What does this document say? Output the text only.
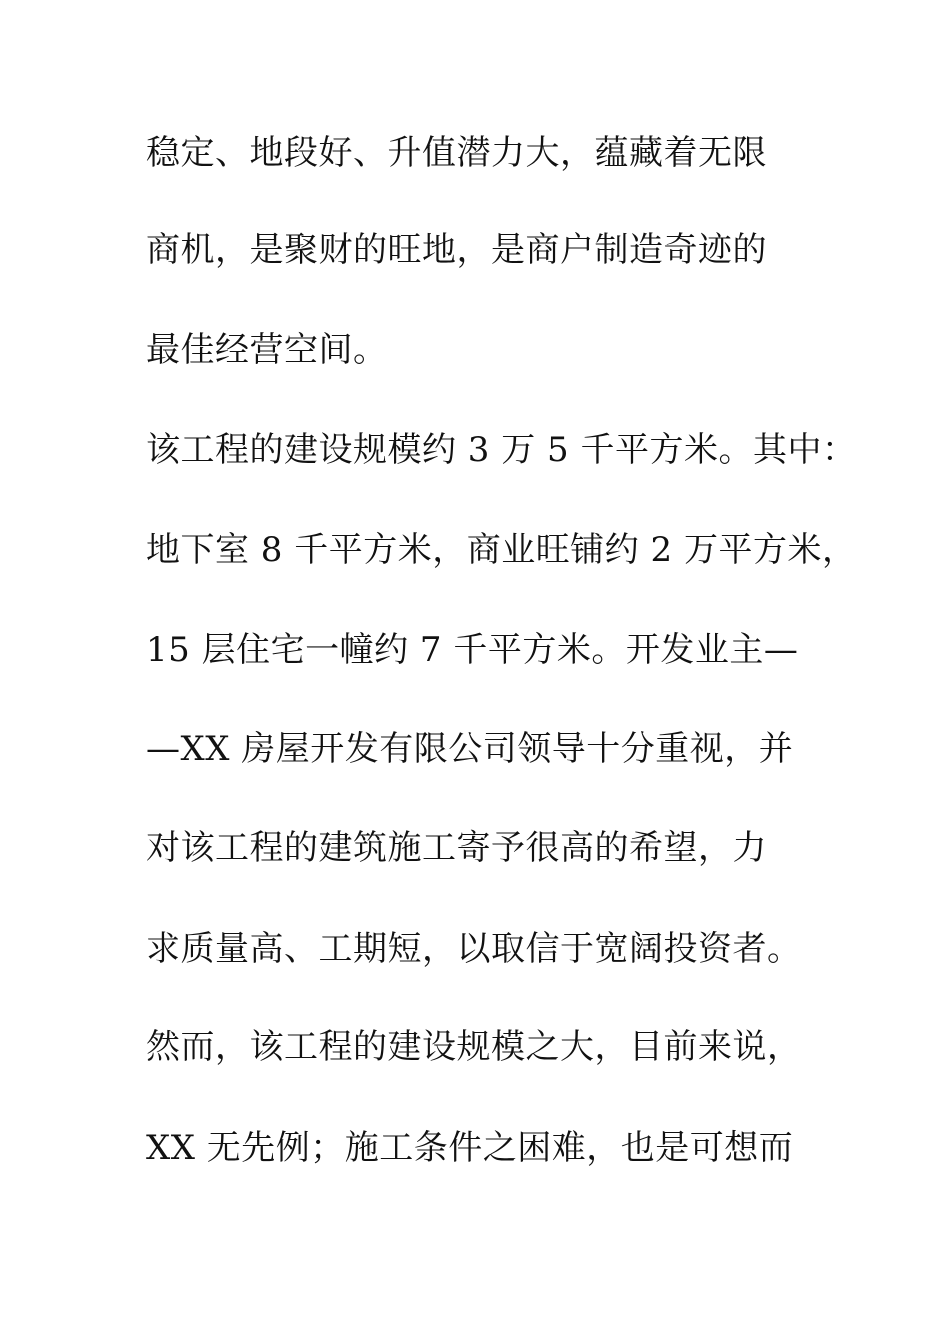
稳定、地段好、升值潜力大，蕴藏着无限
商机，是聚财的旺地，是商户制造奇迹的
最佳经营空间。
该工程的建设规模约 3 万 5 千平方米。其中：
地下室 8 千平方米，商业旺铺约 2 万平方米，
15 层住宅一幢约 7 千平方米。开发业主—
—XX 房屋开发有限公司领导十分重视，并
对该工程的建筑施工寄予很高的希望，力
求质量高、工期短，以取信于宽阔投资者。
然而，该工程的建设规模之大，目前来说，
XX 无先例；施工条件之困难，也是可想而
